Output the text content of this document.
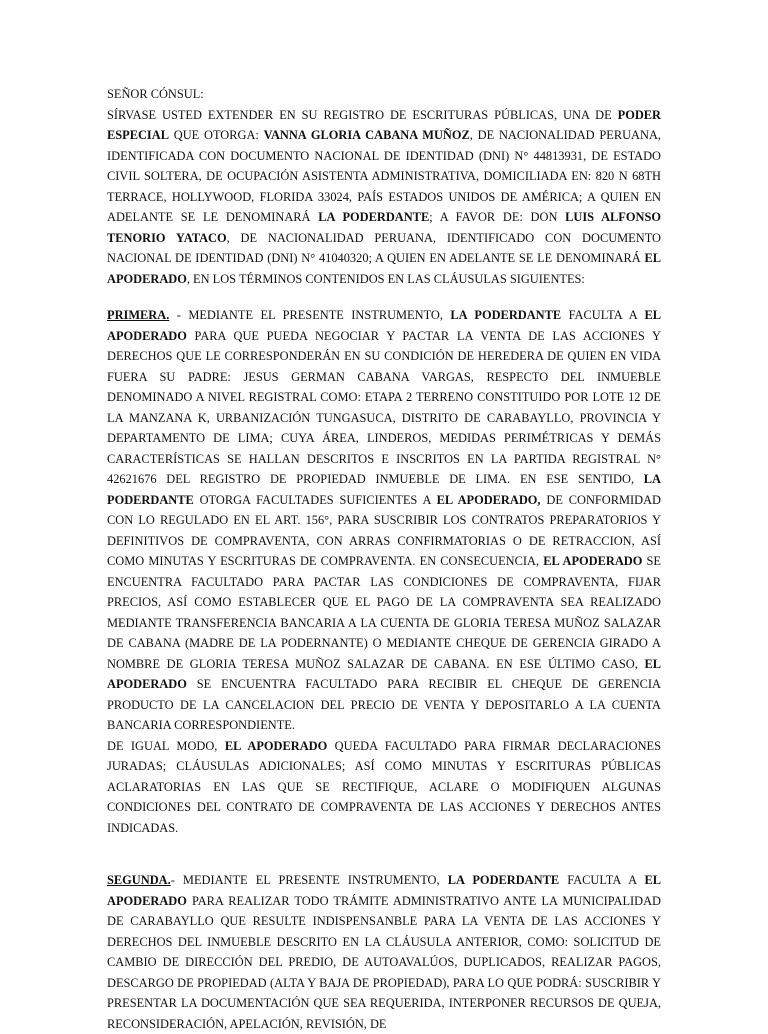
SEÑOR CÓNSUL:

SÍRVASE USTED EXTENDER EN SU REGISTRO DE ESCRITURAS PÚBLICAS, UNA DE PODER ESPECIAL QUE OTORGA: VANNA GLORIA CABANA MUÑOZ, DE NACIONALIDAD PERUANA, IDENTIFICADA CON DOCUMENTO NACIONAL DE IDENTIDAD (DNI) N° 44813931, DE ESTADO CIVIL SOLTERA, DE OCUPACIÓN ASISTENTA ADMINISTRATIVA, DOMICILIADA EN: 820 N 68TH TERRACE, HOLLYWOOD, FLORIDA 33024, PAÍS ESTADOS UNIDOS DE AMÉRICA; A QUIEN EN ADELANTE SE LE DENOMINARÁ LA PODERDANTE; A FAVOR DE: DON LUIS ALFONSO TENORIO YATACO, DE NACIONALIDAD PERUANA, IDENTIFICADO CON DOCUMENTO NACIONAL DE IDENTIDAD (DNI) N° 41040320; A QUIEN EN ADELANTE SE LE DENOMINARÁ EL APODERADO, EN LOS TÉRMINOS CONTENIDOS EN LAS CLÁUSULAS SIGUIENTES:

PRIMERA. - MEDIANTE EL PRESENTE INSTRUMENTO, LA PODERDANTE FACULTA A EL APODERADO PARA QUE PUEDA NEGOCIAR Y PACTAR LA VENTA DE LAS ACCIONES Y DERECHOS QUE LE CORRESPONDERÁN EN SU CONDICIÓN DE HEREDERA DE QUIEN EN VIDA FUERA SU PADRE: JESUS GERMAN CABANA VARGAS, RESPECTO DEL INMUEBLE DENOMINADO A NIVEL REGISTRAL COMO: ETAPA 2 TERRENO CONSTITUIDO POR LOTE 12 DE LA MANZANA K, URBANIZACIÓN TUNGASUCA, DISTRITO DE CARABAYLLO, PROVINCIA Y DEPARTAMENTO DE LIMA; CUYA ÁREA, LINDEROS, MEDIDAS PERIMÉTRICAS Y DEMÁS CARACTERÍSTICAS SE HALLAN DESCRITOS E INSCRITOS EN LA PARTIDA REGISTRAL N° 42621676 DEL REGISTRO DE PROPIEDAD INMUEBLE DE LIMA. EN ESE SENTIDO, LA PODERDANTE OTORGA FACULTADES SUFICIENTES A EL APODERADO, DE CONFORMIDAD CON LO REGULADO EN EL ART. 156°, PARA SUSCRIBIR LOS CONTRATOS PREPARATORIOS Y DEFINITIVOS DE COMPRAVENTA, CON ARRAS CONFIRMATORIAS O DE RETRACCION, ASÍ COMO MINUTAS Y ESCRITURAS DE COMPRAVENTA. EN CONSECUENCIA, EL APODERADO SE ENCUENTRA FACULTADO PARA PACTAR LAS CONDICIONES DE COMPRAVENTA, FIJAR PRECIOS, ASÍ COMO ESTABLECER QUE EL PAGO DE LA COMPRAVENTA SEA REALIZADO MEDIANTE TRANSFERENCIA BANCARIA A LA CUENTA DE GLORIA TERESA MUÑOZ SALAZAR DE CABANA (MADRE DE LA PODERNANTE) O MEDIANTE CHEQUE DE GERENCIA GIRADO A NOMBRE DE GLORIA TERESA MUÑOZ SALAZAR DE CABANA. EN ESE ÚLTIMO CASO, EL APODERADO SE ENCUENTRA FACULTADO PARA RECIBIR EL CHEQUE DE GERENCIA PRODUCTO DE LA CANCELACION DEL PRECIO DE VENTA Y DEPOSITARLO A LA CUENTA BANCARIA CORRESPONDIENTE.

DE IGUAL MODO, EL APODERADO QUEDA FACULTADO PARA FIRMAR DECLARACIONES JURADAS; CLÁUSULAS ADICIONALES; ASÍ COMO MINUTAS Y ESCRITURAS PÚBLICAS ACLARATORIAS EN LAS QUE SE RECTIFIQUE, ACLARE O MODIFIQUEN ALGUNAS CONDICIONES DEL CONTRATO DE COMPRAVENTA DE LAS ACCIONES Y DERECHOS ANTES INDICADAS.

SEGUNDA.- MEDIANTE EL PRESENTE INSTRUMENTO, LA PODERDANTE FACULTA A EL APODERADO PARA REALIZAR TODO TRÁMITE ADMINISTRATIVO ANTE LA MUNICIPALIDAD DE CARABAYLLO QUE RESULTE INDISPENSANBLE PARA LA VENTA DE LAS ACCIONES Y DERECHOS DEL INMUEBLE DESCRITO EN LA CLÁUSULA ANTERIOR, COMO: SOLICITUD DE CAMBIO DE DIRECCIÓN DEL PREDIO, DE AUTOAVALÚOS, DUPLICADOS, REALIZAR PAGOS, DESCARGO DE PROPIEDAD (ALTA Y BAJA DE PROPIEDAD), PARA LO QUE PODRÁ: SUSCRIBIR Y PRESENTAR LA DOCUMENTACIÓN QUE SEA REQUERIDA, INTERPONER RECURSOS DE QUEJA, RECONSIDERACIÓN, APELACIÓN, REVISIÓN, DE
